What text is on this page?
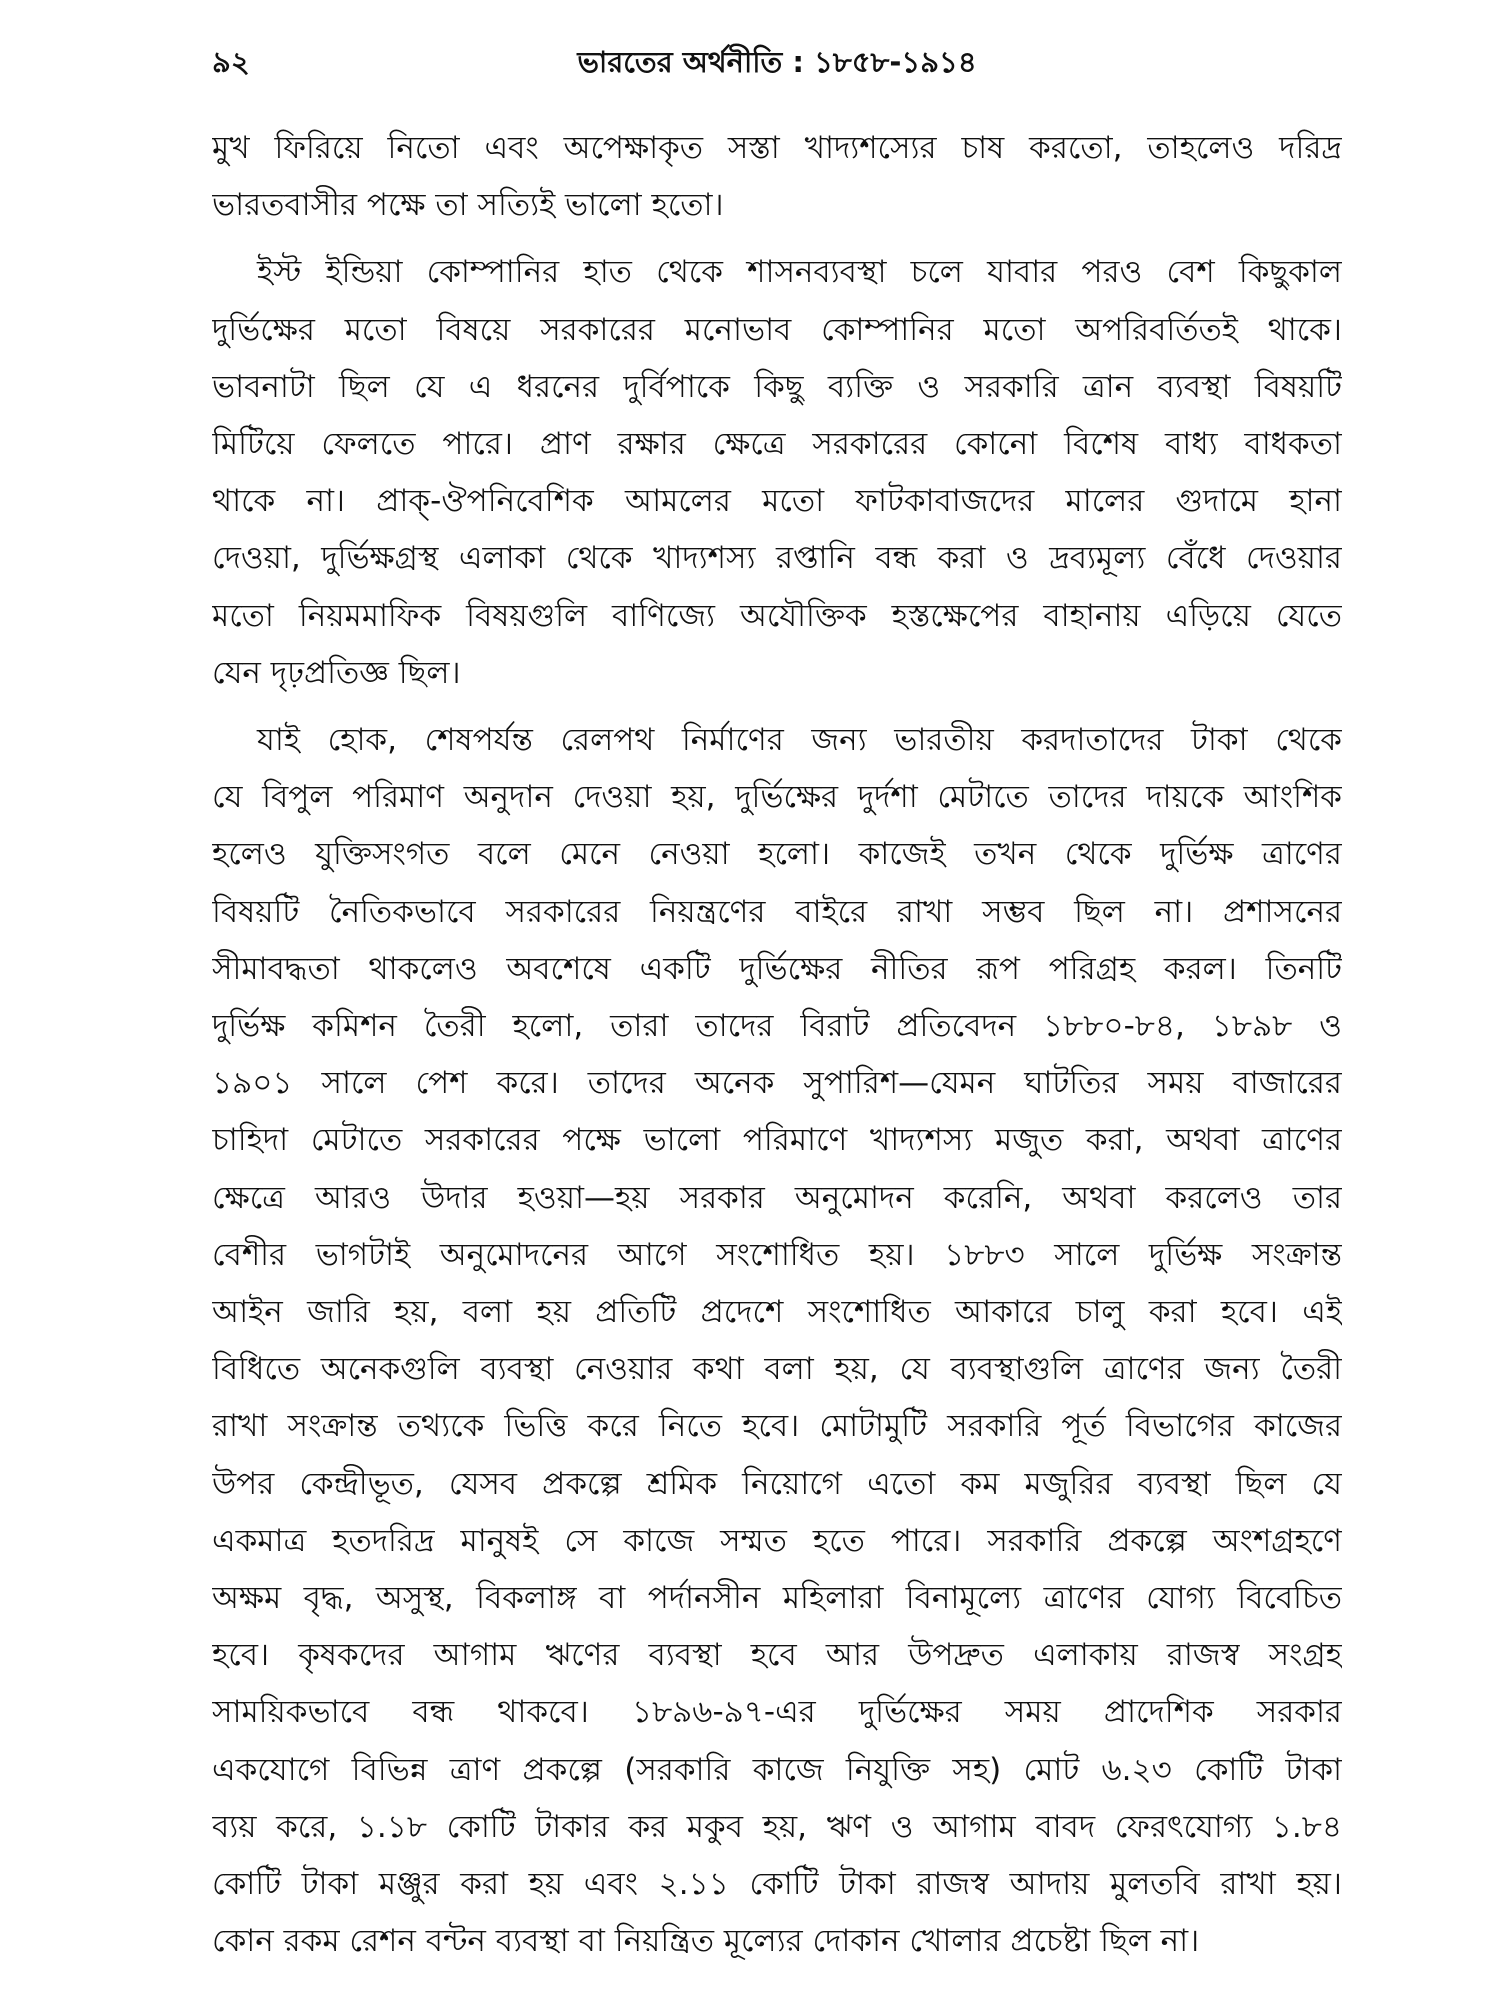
৯২	ভারতের অর্থনীতি : ১৮৫৮-১৯১৪
মুখ ফিরিয়ে নিতো এবং অপেক্ষাকৃত সস্তা খাদ্যশস্যের চাষ করতো, তাহলেও দরিদ্র
ভারতবাসীর পক্ষে তা সত্যিই ভালো হতো।
ইস্ট ইন্ডিয়া কোম্পানির হাত থেকে শাসনব্যবস্থা চলে যাবার পরও বেশ কিছুকাল
দুর্ভিক্ষের মতো বিষয়ে সরকারের মনোভাব কোম্পানির মতো অপরিবর্তিতই থাকে।
ভাবনাটা ছিল যে এ ধরনের দুর্বিপাকে কিছু ব্যক্তি ও সরকারি ত্রান ব্যবস্থা বিষয়টি
মিটিয়ে ফেলতে পারে। প্রাণ রক্ষার ক্ষেত্রে সরকারের কোনো বিশেষ বাধ্য বাধকতা
থাকে না। প্রাক্-ঔপনিবেশিক আমলের মতো ফাটকাবাজদের মালের গুদামে হানা
দেওয়া, দুর্ভিক্ষগ্রস্থ এলাকা থেকে খাদ্যশস্য রপ্তানি বন্ধ করা ও দ্রব্যমূল্য বেঁধে দেওয়ার
মতো নিয়মমাফিক বিষয়গুলি বাণিজ্যে অযৌক্তিক হস্তক্ষেপের বাহানায় এড়িয়ে যেতে
যেন দৃঢ়প্রতিজ্ঞ ছিল।
যাই হোক, শেষপর্যন্ত রেলপথ নির্মাণের জন্য ভারতীয় করদাতাদের টাকা থেকে
যে বিপুল পরিমাণ অনুদান দেওয়া হয়, দুর্ভিক্ষের দুর্দশা মেটাতে তাদের দায়কে আংশিক
হলেও যুক্তিসংগত বলে মেনে নেওয়া হলো। কাজেই তখন থেকে দুর্ভিক্ষ ত্রাণের
বিষয়টি নৈতিকভাবে সরকারের নিয়ন্ত্রণের বাইরে রাখা সম্ভব ছিল না। প্রশাসনের
সীমাবদ্ধতা থাকলেও অবশেষে একটি দুর্ভিক্ষের নীতির রূপ পরিগ্রহ করল। তিনটি
দুর্ভিক্ষ কমিশন তৈরী হলো, তারা তাদের বিরাট প্রতিবেদন ১৮৮০-৮৪, ১৮৯৮ ও
১৯০১ সালে পেশ করে। তাদের অনেক সুপারিশ—যেমন ঘাটতির সময় বাজারের
চাহিদা মেটাতে সরকারের পক্ষে ভালো পরিমাণে খাদ্যশস্য মজুত করা, অথবা ত্রাণের
ক্ষেত্রে আরও উদার হওয়া—হয় সরকার অনুমোদন করেনি, অথবা করলেও তার
বেশীর ভাগটাই অনুমোদনের আগে সংশোধিত হয়। ১৮৮৩ সালে দুর্ভিক্ষ সংক্রান্ত
আইন জারি হয়, বলা হয় প্রতিটি প্রদেশে সংশোধিত আকারে চালু করা হবে। এই
বিধিতে অনেকগুলি ব্যবস্থা নেওয়ার কথা বলা হয়, যে ব্যবস্থাগুলি ত্রাণের জন্য তৈরী
রাখা সংক্রান্ত তথ্যকে ভিত্তি করে নিতে হবে। মোটামুটি সরকারি পূর্ত বিভাগের কাজের
উপর কেন্দ্রীভূত, যেসব প্রকল্পে শ্রমিক নিয়োগে এতো কম মজুরির ব্যবস্থা ছিল যে
একমাত্র হতদরিদ্র মানুষই সে কাজে সম্মত হতে পারে। সরকারি প্রকল্পে অংশগ্রহণে
অক্ষম বৃদ্ধ, অসুস্থ, বিকলাঙ্গ বা পর্দানসীন মহিলারা বিনামূল্যে ত্রাণের যোগ্য বিবেচিত
হবে। কৃষকদের আগাম ঋণের ব্যবস্থা হবে আর উপদ্রুত এলাকায় রাজস্ব সংগ্রহ
সাময়িকভাবে বন্ধ থাকবে। ১৮৯৬-৯৭-এর দুর্ভিক্ষের সময় প্রাদেশিক সরকার
একযোগে বিভিন্ন ত্রাণ প্রকল্পে (সরকারি কাজে নিযুক্তি সহ) মোট ৬.২৩ কোটি টাকা
ব্যয় করে, ১.১৮ কোটি টাকার কর মকুব হয়, ঋণ ও আগাম বাবদ ফেরৎযোগ্য ১.৮৪
কোটি টাকা মঞ্জুর করা হয় এবং ২.১১ কোটি টাকা রাজস্ব আদায় মুলতবি রাখা হয়।
কোন রকম রেশন বন্টন ব্যবস্থা বা নিয়ন্ত্রিত মূল্যের দোকান খোলার প্রচেষ্টা ছিল না।
